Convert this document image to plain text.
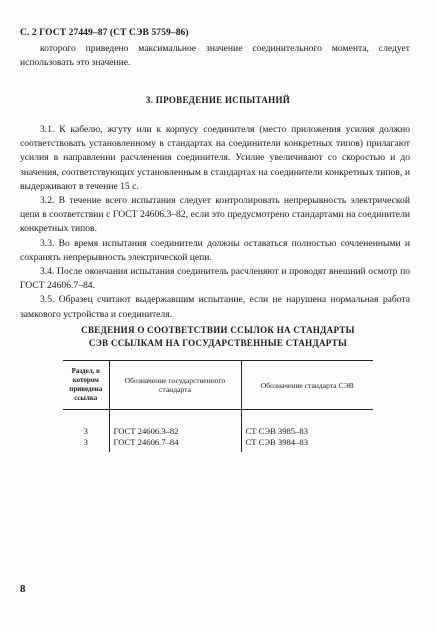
С. 2 ГОСТ 27449–87 (СТ СЭВ 5759–86)

которого приведено максимальное значение соединительного момента, следует использовать это значение.

3. ПРОВЕДЕНИЕ ИСПЫТАНИЙ

3.1. К кабелю, жгуту или к корпусу соединителя (место приложения усилия должно соответствовать установленному в стандартах на соединители конкретных типов) прилагают усилия в направлении расчленения соединителя. Усилие увеличивают со скоростью и до значения, соответствующих установленным в стандартах на соединители конкретных типов, и выдерживают в течение 15 с.

3.2. В течение всего испытания следует контролировать непрерывность электрической цепи в соответствии с ГОСТ 24606.3–82, если это предусмотрено стандартами на соединители конкретных типов.

3.3. Во время испытания соединители должны оставаться полностью сочлененными и сохранять непрерывность электрической цепи.

3.4. После окончания испытания соединитель расчленяют и проводят внешний осмотр по ГОСТ 24606.7–84.

3.5. Образец считают выдержавшим испытание, если не нарушена нормальная работа замкового устройства и соединителя.

СВЕДЕНИЯ О СООТВЕТСТВИИ ССЫЛОК НА СТАНДАРТЫ
СЭВ ССЫЛКАМ НА ГОСУДАРСТВЕННЫЕ СТАНДАРТЫ
Раздел, в котором приведена ссылка	Обозначение государственного стандарта	Обозначение стандарта СЭВ

3	ГОСТ 24606.3–82	СТ СЭВ 3985–83
3	ГОСТ 24606.7–84	СТ СЭВ 3984–83
8
